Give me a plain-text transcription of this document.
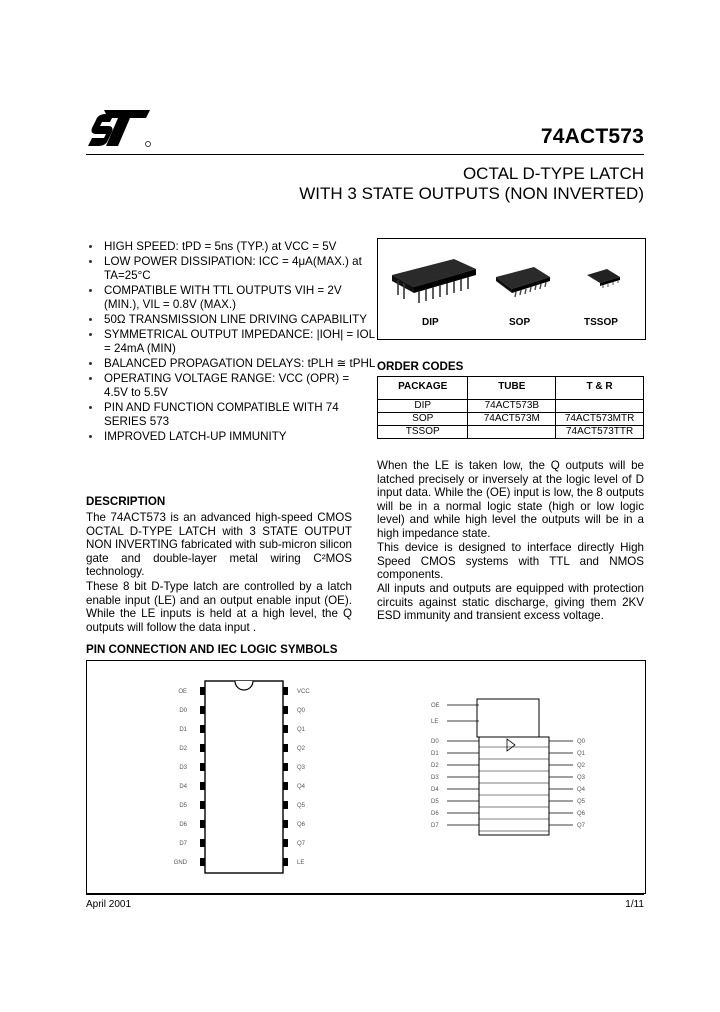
74ACT573
OCTAL D-TYPE LATCH
WITH 3 STATE OUTPUTS (NON INVERTED)
HIGH SPEED: tPD = 5ns (TYP.) at VCC = 5V
LOW POWER DISSIPATION: ICC = 4μA(MAX.) at TA=25°C
COMPATIBLE WITH TTL OUTPUTS VIH = 2V (MIN.), VIL = 0.8V (MAX.)
50Ω TRANSMISSION LINE DRIVING CAPABILITY
SYMMETRICAL OUTPUT IMPEDANCE: |IOH| = IOL = 24mA (MIN)
BALANCED PROPAGATION DELAYS: tPLH ≅ tPHL
OPERATING VOLTAGE RANGE: VCC (OPR) = 4.5V to 5.5V
PIN AND FUNCTION COMPATIBLE WITH 74 SERIES 573
IMPROVED LATCH-UP IMMUNITY
DIP	SOP	TSSOP
ORDER CODES
PACKAGE	TUBE	T & R
DIP	74ACT573B	
SOP	74ACT573M	74ACT573MTR
TSSOP		74ACT573TTR
DESCRIPTION
The 74ACT573 is an advanced high-speed CMOS OCTAL D-TYPE LATCH with 3 STATE OUTPUT NON INVERTING fabricated with sub-micron silicon gate and double-layer metal wiring C²MOS technology.
These 8 bit D-Type latch are controlled by a latch enable input (LE) and an output enable input (OE). While the LE inputs is held at a high level, the Q outputs will follow the data input .
When the LE is taken low, the Q outputs will be latched precisely or inversely at the logic level of D input data. While the (OE) input is low, the 8 outputs will be in a normal logic state (high or low logic level) and while high level the outputs will be in a high impedance state.
This device is designed to interface directly High Speed CMOS systems with TTL and NMOS components.
All inputs and outputs are equipped with protection circuits against static discharge, giving them 2KV ESD immunity and transient excess voltage.
PIN CONNECTION AND IEC LOGIC SYMBOLS
OE
D0
D1
D2
D3
D4
D5
D6
D7
GND
VCC
Q0
Q1
Q2
Q3
Q4
Q5
Q6
Q7
LE
OE
LE
D0
D1
D2
D3
D4
D5
D6
D7
Q0
Q1
Q2
Q3
Q4
Q5
Q6
Q7
April 2001	1/11
